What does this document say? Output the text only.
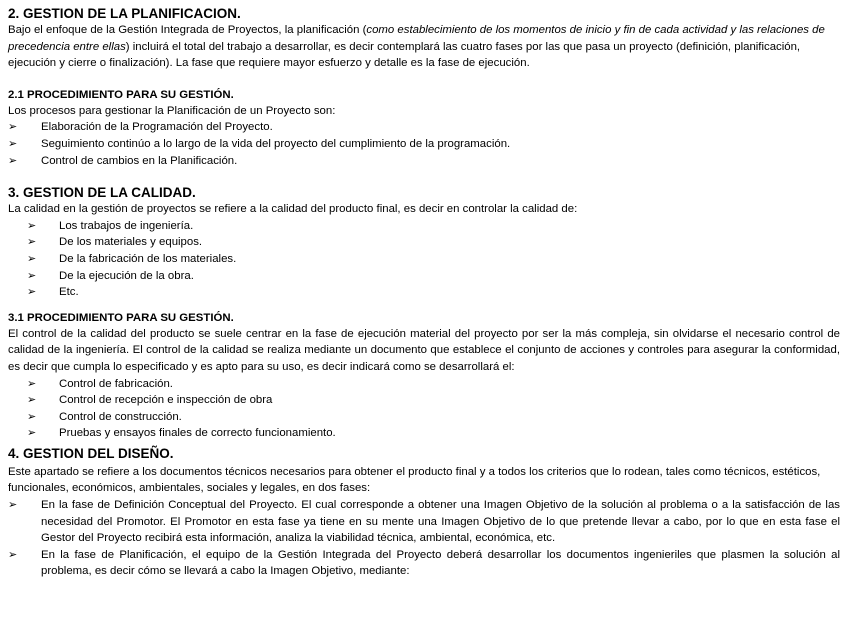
2. GESTION DE LA PLANIFICACION.

Bajo el enfoque de la Gestión Integrada de Proyectos, la planificación (como establecimiento de los momentos de inicio y fin de cada actividad y las relaciones de precedencia entre ellas) incluirá el total del trabajo a desarrollar, es decir contemplará las cuatro fases por las que pasa un proyecto (definición, planificación, ejecución y cierre o finalización). La fase que requiere mayor esfuerzo y detalle es la fase de ejecución.

2.1 PROCEDIMIENTO PARA SU GESTIÓN.

Los procesos para gestionar la Planificación de un Proyecto son:

➢ Elaboración de la Programación del Proyecto.
➢ Seguimiento continúo a lo largo de la vida del proyecto del cumplimiento de la programación.
➢ Control de cambios en la Planificación.
3. GESTION DE LA CALIDAD.

La calidad en la gestión de proyectos se refiere a la calidad del producto final, es decir en controlar la calidad de:

➢ Los trabajos de ingeniería.
➢ De los materiales y equipos.
➢ De la fabricación de los materiales.
➢ De la ejecución de la obra.
➢ Etc.
3.1 PROCEDIMIENTO PARA SU GESTIÓN.

El control de la calidad del producto se suele centrar en la fase de ejecución material del proyecto por ser la más compleja, sin olvidarse el necesario control de calidad de la ingeniería. El control de la calidad se realiza mediante un documento que establece el conjunto de acciones y controles para asegurar la conformidad, es decir que cumpla lo especificado y es apto para su uso, es decir indicará como se desarrollará el:

➢ Control de fabricación.
➢ Control de recepción e inspección de obra
➢ Control de construcción.
➢ Pruebas y ensayos finales de correcto funcionamiento.
4. GESTION DEL DISEÑO.

Este apartado se refiere a los documentos técnicos necesarios para obtener el producto final y a todos los criterios que lo rodean, tales como técnicos, estéticos, funcionales, económicos, ambientales, sociales y legales, en dos fases:

➢ En la fase de Definición Conceptual del Proyecto. El cual corresponde a obtener una Imagen Objetivo de la solución al problema o a la satisfacción de las necesidad del Promotor. El Promotor en esta fase ya tiene en su mente una Imagen Objetivo de lo que pretende llevar a cabo, por lo que en esta fase el Gestor del Proyecto recibirá esta información, analiza la viabilidad técnica, ambiental, económica, etc.
➢ En la fase de Planificación, el equipo de la Gestión Integrada del Proyecto deberá desarrollar los documentos ingenieriles que plasmen la solución al problema, es decir cómo se llevará a cabo la Imagen Objetivo, mediante:
